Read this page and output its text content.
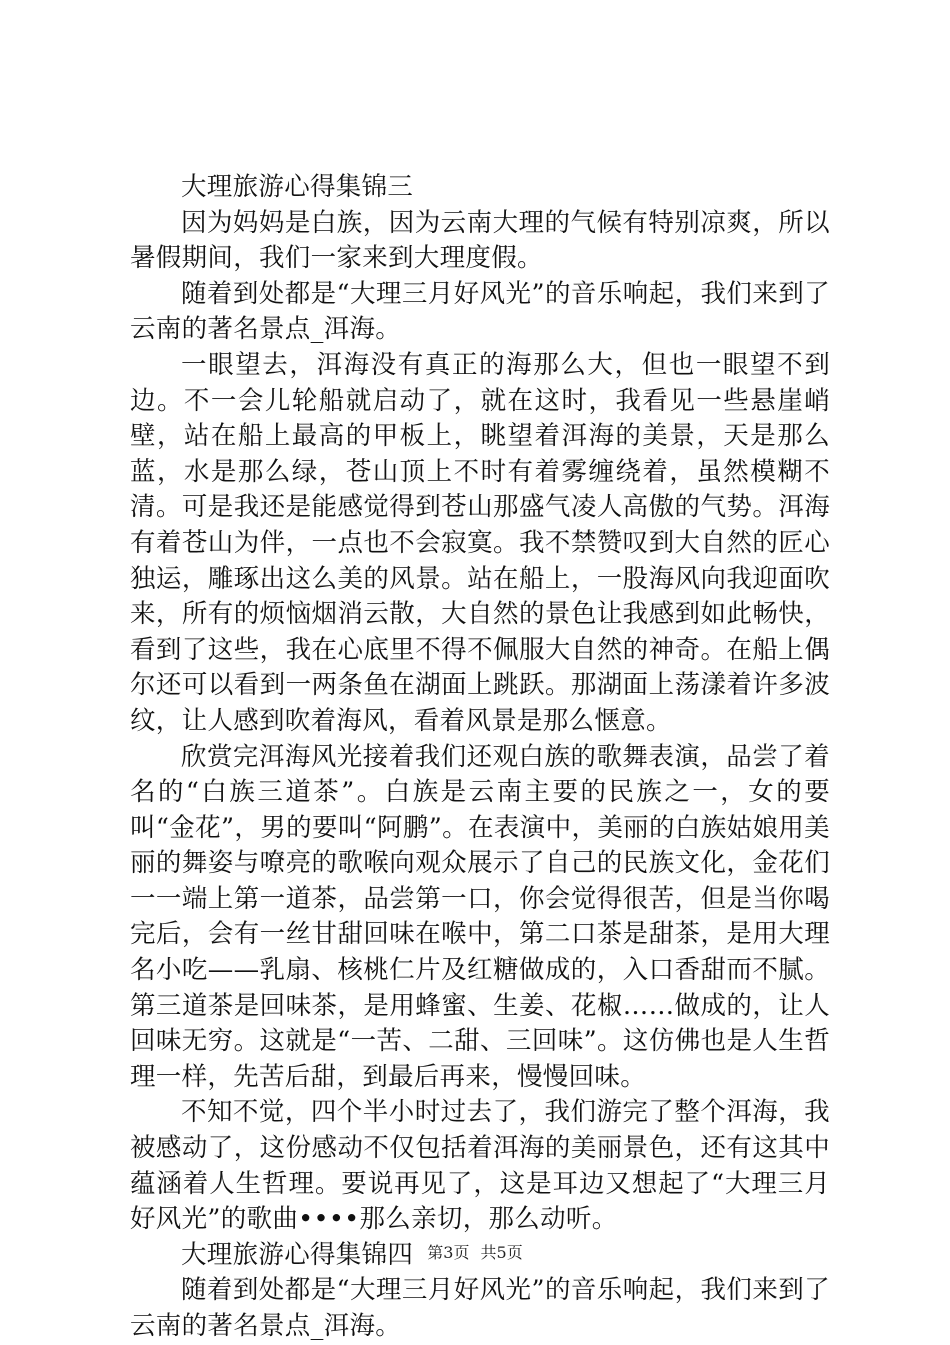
大理旅游心得集锦三

因为妈妈是白族，因为云南大理的气候有特别凉爽，所以暑假期间，我们一家来到大理度假。

随着到处都是“大理三月好风光”的音乐响起，我们来到了云南的著名景点_洱海。

一眼望去，洱海没有真正的海那么大，但也一眼望不到边。不一会儿轮船就启动了，就在这时，我看见一些悬崖峭壁，站在船上最高的甲板上，眺望着洱海的美景，天是那么蓝，水是那么绿，苍山顶上不时有着雾缠绕着，虽然模糊不清。可是我还是能感觉得到苍山那盛气凌人高傲的气势。洱海有着苍山为伴，一点也不会寂寞。我不禁赞叹到大自然的匠心独运，雕琢出这么美的风景。站在船上，一股海风向我迎面吹来，所有的烦恼烟消云散，大自然的景色让我感到如此畅快，看到了这些，我在心底里不得不佩服大自然的神奇。在船上偶尔还可以看到一两条鱼在湖面上跳跃。那湖面上荡漾着许多波纹，让人感到吹着海风，看着风景是那么惬意。

欣赏完洱海风光接着我们还观白族的歌舞表演，品尝了着名的“白族三道茶”。白族是云南主要的民族之一，女的要叫“金花”，男的要叫“阿鹏”。在表演中，美丽的白族姑娘用美丽的舞姿与嘹亮的歌喉向观众展示了自己的民族文化，金花们一一端上第一道茶，品尝第一口，你会觉得很苦，但是当你喝完后，会有一丝甘甜回味在喉中，第二口茶是甜茶，是用大理名小吃——乳扇、核桃仁片及红糖做成的，入口香甜而不腻。第三道茶是回味茶，是用蜂蜜、生姜、花椒……做成的，让人回味无穷。这就是“一苦、二甜、三回味”。这仿佛也是人生哲理一样，先苦后甜，到最后再来，慢慢回味。

不知不觉，四个半小时过去了，我们游完了整个洱海，我被感动了，这份感动不仅包括着洱海的美丽景色，还有这其中蕴涵着人生哲理。要说再见了，这是耳边又想起了“大理三月好风光”的歌曲••••那么亲切，那么动听。

大理旅游心得集锦四

随着到处都是“大理三月好风光”的音乐响起，我们来到了云南的著名景点_洱海。

第3页 共5页
